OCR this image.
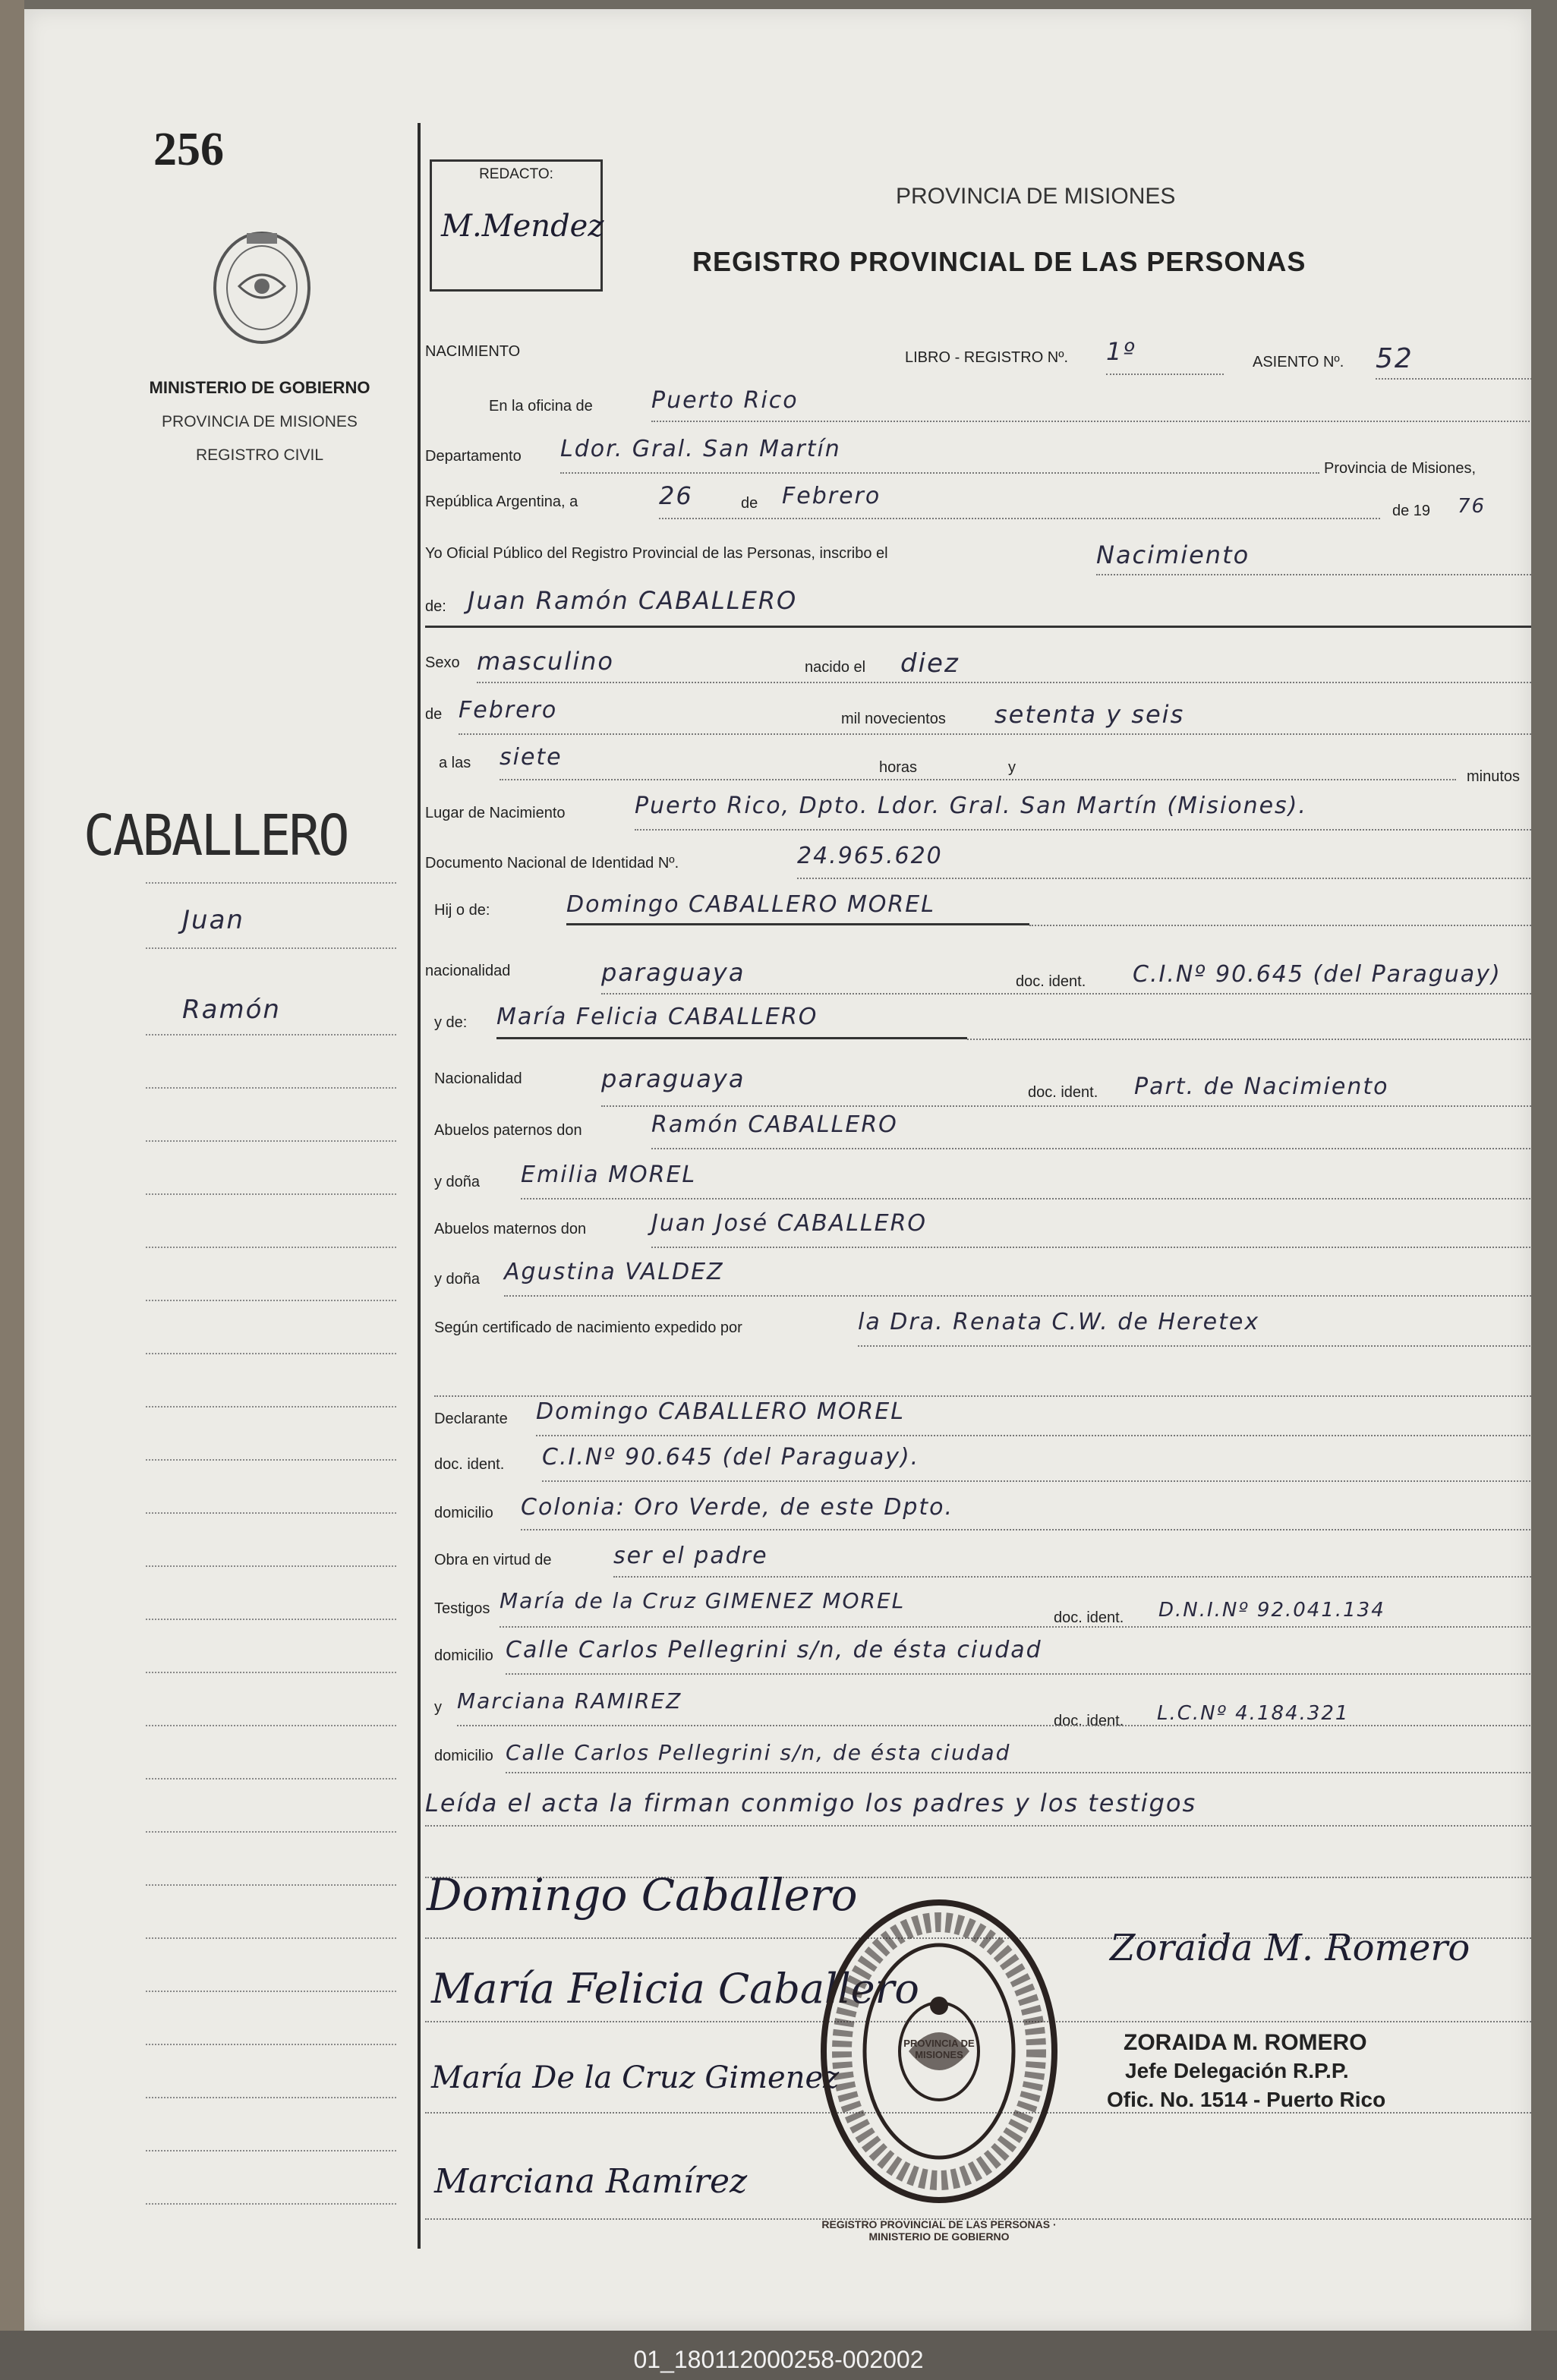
256
MINISTERIO DE GOBIERNO
PROVINCIA DE MISIONES
REGISTRO CIVIL
CABALLERO
Juan
Ramón
REDACTO:
M.Mendez
PROVINCIA DE MISIONES
REGISTRO PROVINCIAL DE LAS PERSONAS
NACIMIENTO	LIBRO - REGISTRO Nº. 1º	ASIENTO Nº. 52
En la oficina de	Puerto Rico
Departamento Ldor. Gral. San Martín
Provincia de Misiones,
República Argentina, a	26	de Febrero
de 19 76
Yo Oficial Público del Registro Provincial de las Personas, inscribo el	Nacimiento
de: Juan Ramón CABALLERO
Sexo masculino	nacido el diez
de Febrero	mil novecientos setenta y seis
a las siete	horas	y
minutos
Lugar de Nacimiento	Puerto Rico, Dpto. Ldor. Gral. San Martín (Misiones).
Documento Nacional de Identidad Nº.	24.965.620
Hij o de:	Domingo CABALLERO MOREL
nacionalidad	paraguaya	doc. ident. C.I.Nº 90.645 (del Paraguay)
y de: María Felicia CABALLERO
Nacionalidad	paraguaya	doc. ident. Part. de Nacimiento
Abuelos paternos don	Ramón CABALLERO
y doña Emilia MOREL
Abuelos maternos don	Juan José CABALLERO
y doña Agustina VALDEZ
Según certificado de nacimiento expedido por	la Dra. Renata C.W. de Heretex
Declarante Domingo CABALLERO MOREL
doc. ident. C.I.Nº 90.645 (del Paraguay).
domicilio Colonia: Oro Verde, de este Dpto.
Obra en virtud de	ser el padre
Testigos María de la Cruz GIMENEZ MOREL
doc. ident. D.N.I.Nº 92.041.134
domicilio Calle Carlos Pellegrini s/n, de ésta ciudad
y Marciana RAMIREZ
doc. ident. L.C.Nº 4.184.321
domicilio Calle Carlos Pellegrini s/n, de ésta ciudad
Leída el acta la firman conmigo los padres y los testigos
Domingo Caballero
María Felicia Caballero
María De la Cruz Gimenez
Marciana Ramírez
Zoraida M. Romero
REGISTRO PROVINCIAL DE LAS PERSONAS · MINISTERIO DE GOBIERNO
PROVINCIA DE MISIONES	ZORAIDA M. ROMERO
Jefe Delegación R.P.P.
Ofic. No. 1514 - Puerto Rico
01_180112000258-002002
